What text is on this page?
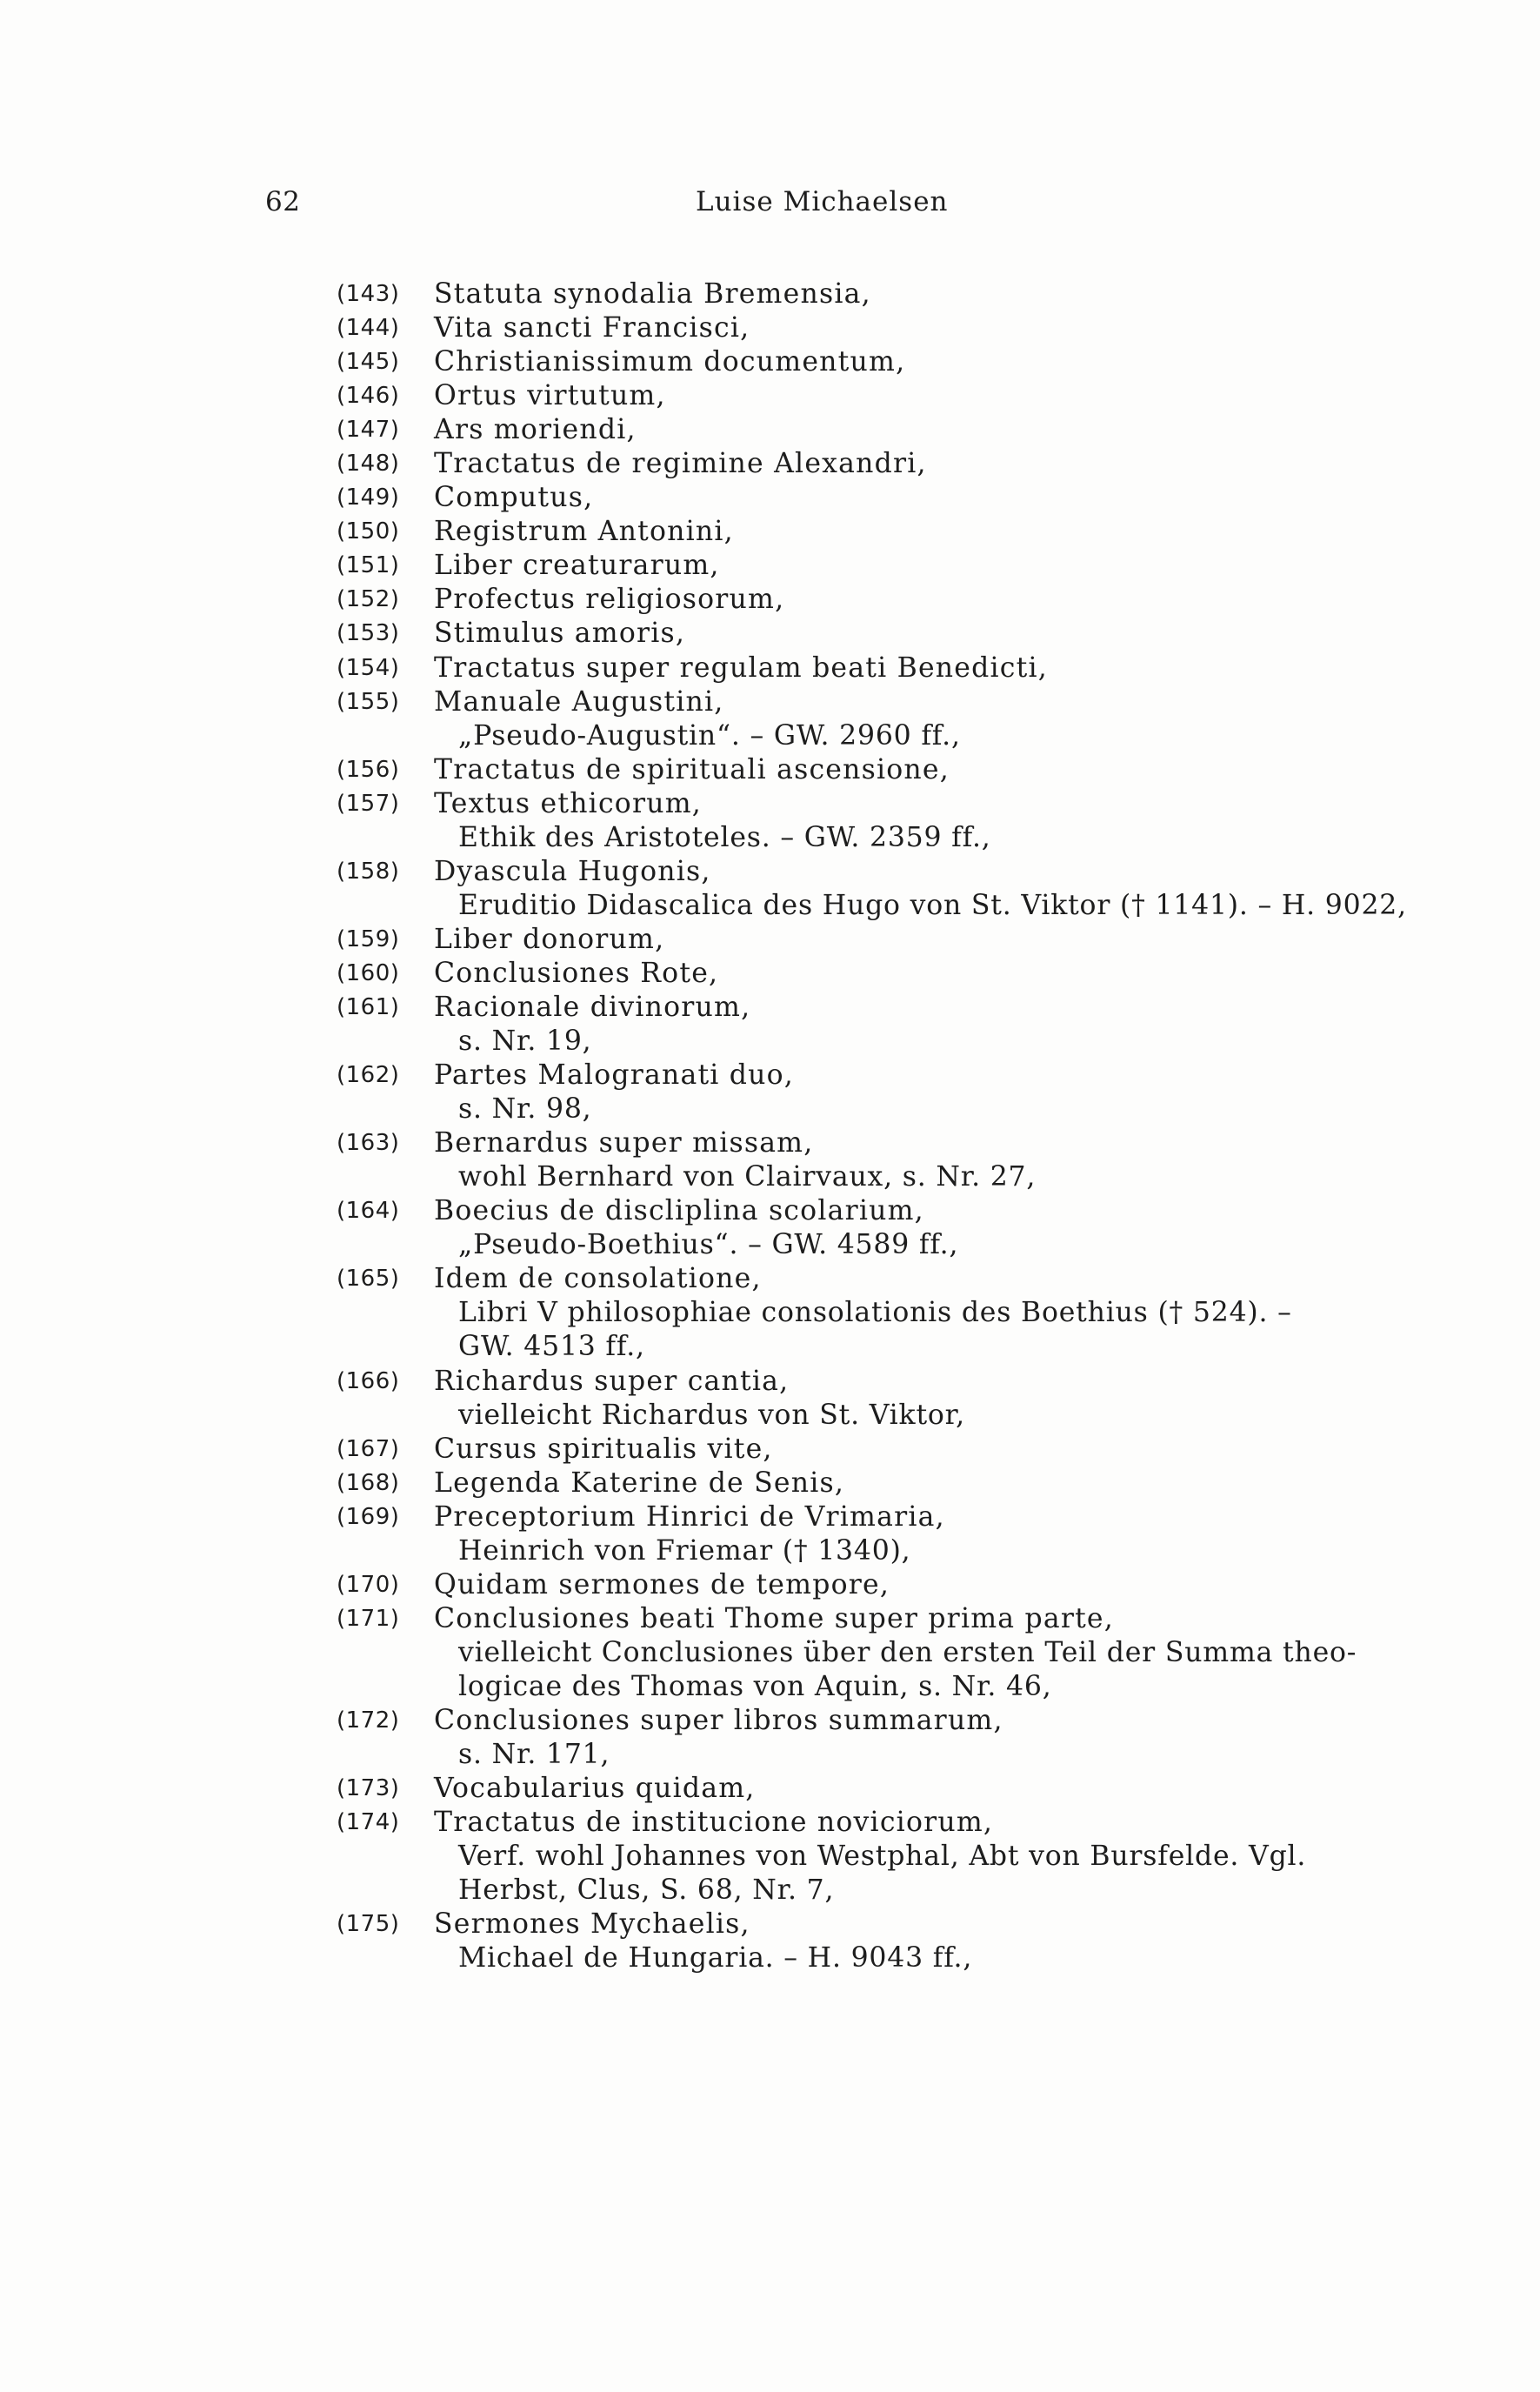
62	Luise Michaelsen
(143) Statuta synodalia Bremensia,
(144) Vita sancti Francisci,
(145) Christianissimum documentum,
(146) Ortus virtutum,
(147) Ars moriendi,
(148) Tractatus de regimine Alexandri,
(149) Computus,
(150) Registrum Antonini,
(151) Liber creaturarum,
(152) Profectus religiosorum,
(153) Stimulus amoris,
(154) Tractatus super regulam beati Benedicti,
(155) Manuale Augustini,
„Pseudo-Augustin“. – GW. 2960 ff.,
(156) Tractatus de spirituali ascensione,
(157) Textus ethicorum,
Ethik des Aristoteles. – GW. 2359 ff.,
(158) Dyascula Hugonis,
Eruditio Didascalica des Hugo von St. Viktor († 1141). – H. 9022,
(159) Liber donorum,
(160) Conclusiones Rote,
(161) Racionale divinorum,
s. Nr. 19,
(162) Partes Malogranati duo,
s. Nr. 98,
(163) Bernardus super missam,
wohl Bernhard von Clairvaux, s. Nr. 27,
(164) Boecius de discliplina scolarium,
„Pseudo-Boethius“. – GW. 4589 ff.,
(165) Idem de consolatione,
Libri V philosophiae consolationis des Boethius († 524). –
GW. 4513 ff.,
(166) Richardus super cantia,
vielleicht Richardus von St. Viktor,
(167) Cursus spiritualis vite,
(168) Legenda Katerine de Senis,
(169) Preceptorium Hinrici de Vrimaria,
Heinrich von Friemar († 1340),
(170) Quidam sermones de tempore,
(171) Conclusiones beati Thome super prima parte,
vielleicht Conclusiones über den ersten Teil der Summa theo-
logicae des Thomas von Aquin, s. Nr. 46,
(172) Conclusiones super libros summarum,
s. Nr. 171,
(173) Vocabularius quidam,
(174) Tractatus de institucione noviciorum,
Verf. wohl Johannes von Westphal, Abt von Bursfelde. Vgl.
Herbst, Clus, S. 68, Nr. 7,
(175) Sermones Mychaelis,
Michael de Hungaria. – H. 9043 ff.,
